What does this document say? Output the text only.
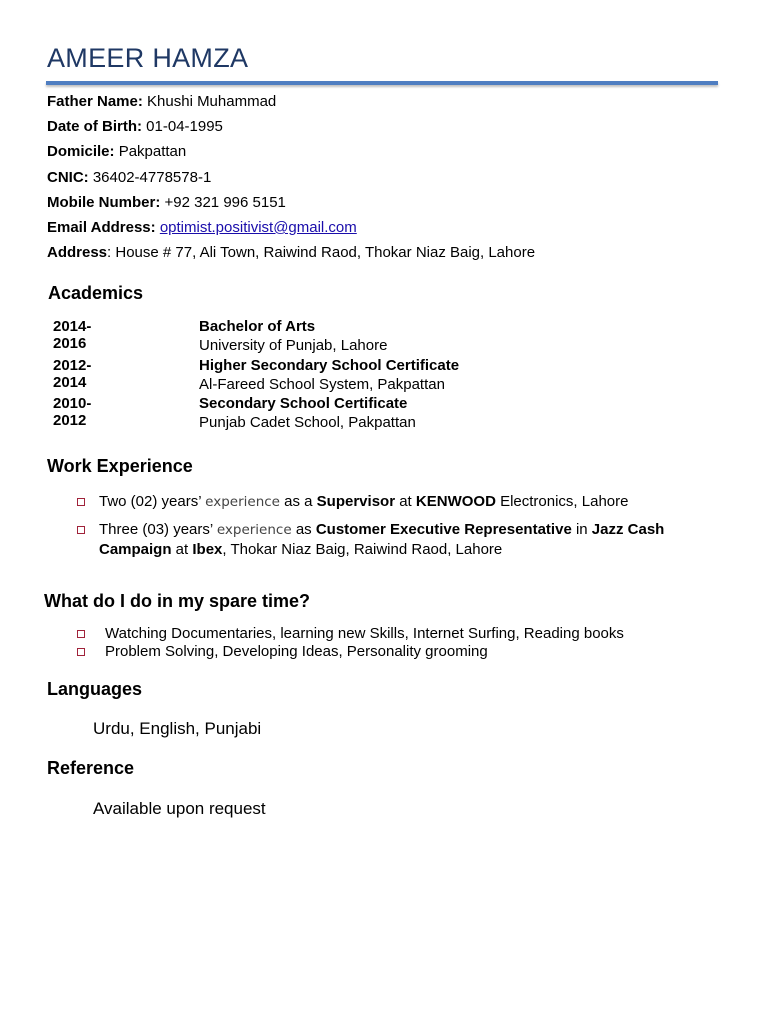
AMEER HAMZA
Father Name: Khushi Muhammad
Date of Birth: 01-04-1995
Domicile: Pakpattan
CNIC: 36402-4778578-1
Mobile Number: +92 321 996 5151
Email Address: optimist.positivist@gmail.com
Address: House # 77, Ali Town, Raiwind Raod, Thokar Niaz Baig, Lahore
Academics
2014-2016
Bachelor of Arts
University of Punjab, Lahore
2012-2014
Higher Secondary School Certificate
Al-Fareed School System, Pakpattan
2010-2012
Secondary School Certificate
Punjab Cadet School, Pakpattan
Work Experience
Two (02) years’ experience as a Supervisor at KENWOOD Electronics, Lahore
Three (03) years’ experience as Customer Executive Representative in Jazz Cash Campaign at Ibex, Thokar Niaz Baig, Raiwind Raod, Lahore
What do I do in my spare time?
Watching Documentaries, learning new Skills, Internet Surfing, Reading books
Problem Solving, Developing Ideas, Personality grooming
Languages
Urdu, English, Punjabi
Reference
Available upon request
